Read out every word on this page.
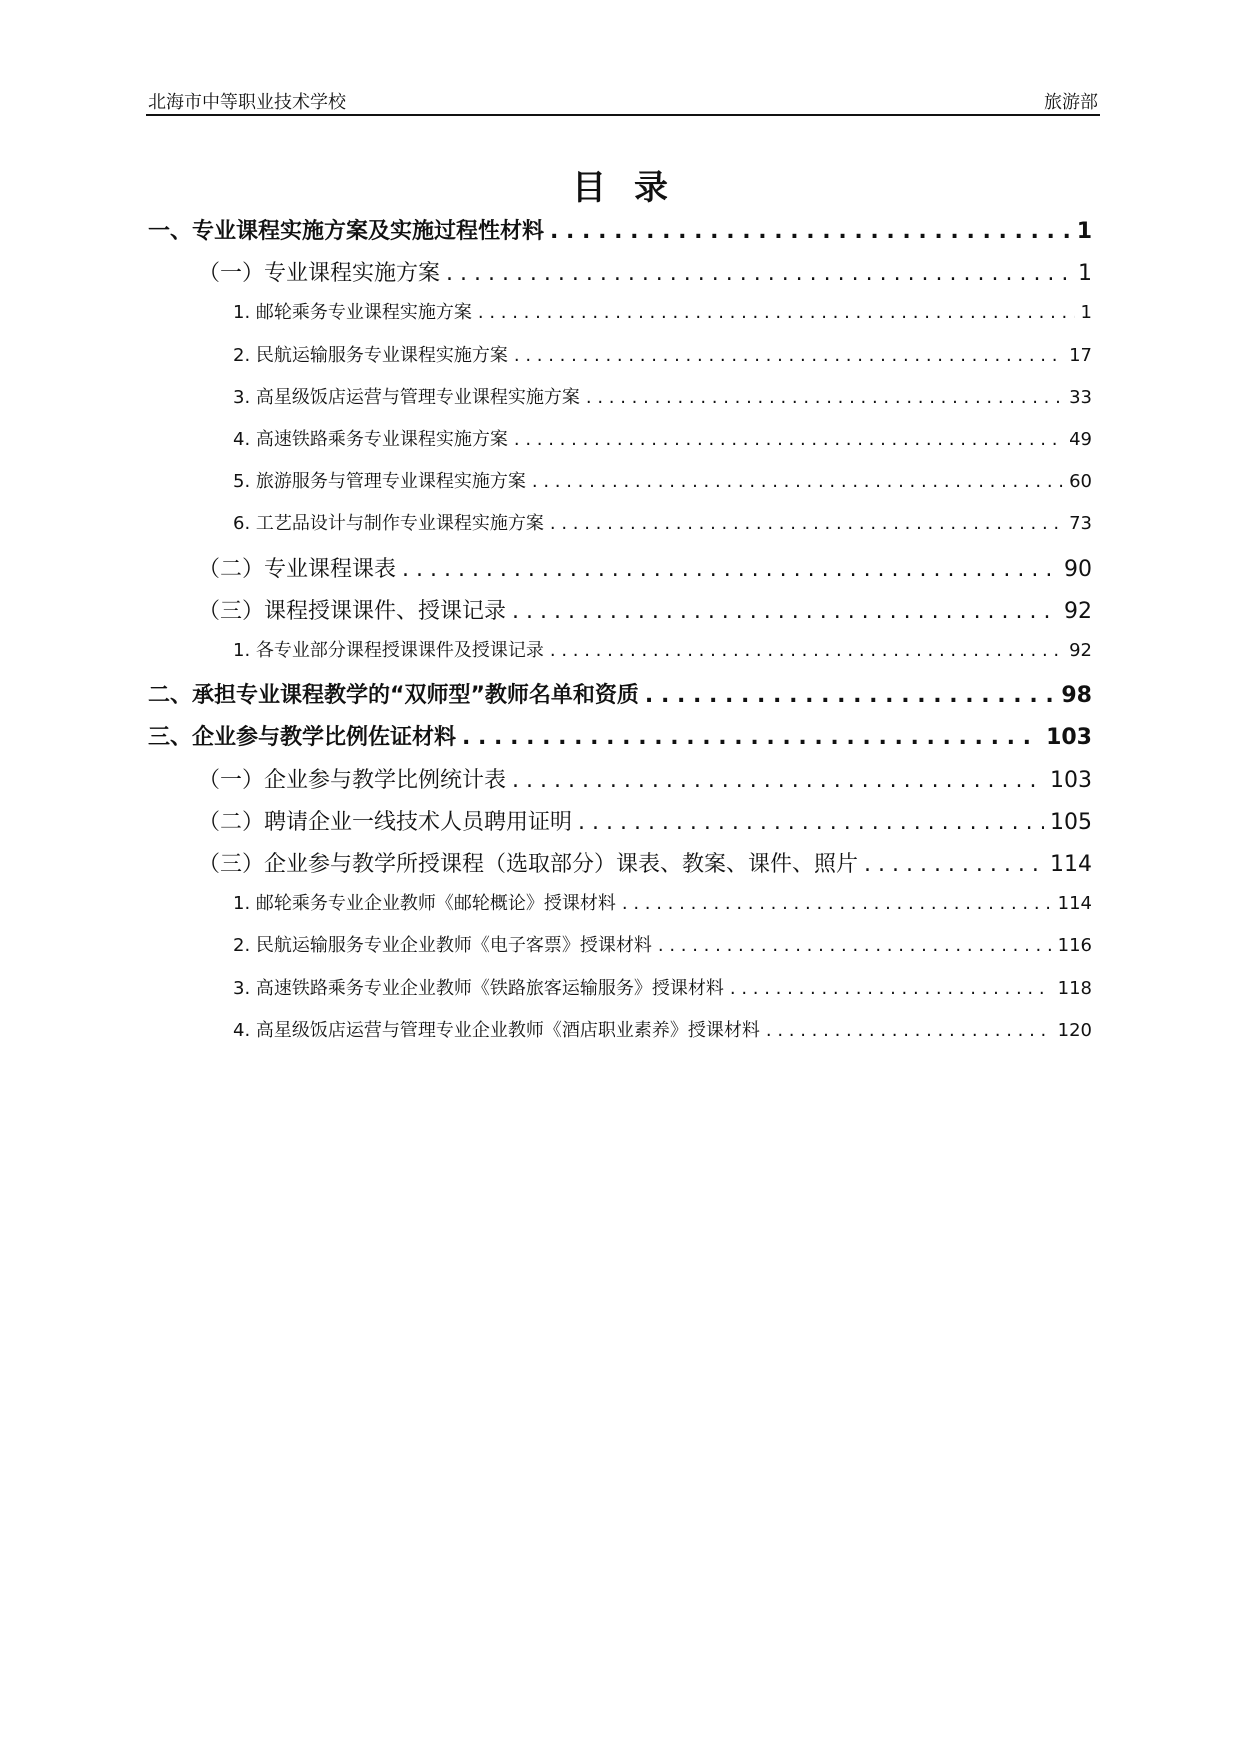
北海市中等职业技术学校	旅游部
目录
一、专业课程实施方案及实施过程性材料 . . .	1
（一）专业课程实施方案 . . .	1
1. 邮轮乘务专业课程实施方案 . . .	1
2. 民航运输服务专业课程实施方案 . . .	17
3. 高星级饭店运营与管理专业课程实施方案 . . .	33
4. 高速铁路乘务专业课程实施方案 . . .	49
5. 旅游服务与管理专业课程实施方案 . . .	60
6. 工艺品设计与制作专业课程实施方案 . . .	73
（二）专业课程课表 . . .	90
（三）课程授课课件、授课记录 . . .	92
1. 各专业部分课程授课课件及授课记录 . . .	92
二、承担专业课程教学的“双师型”教师名单和资质 . . .	98
三、企业参与教学比例佐证材料 . . .	103
（一）企业参与教学比例统计表 . . .	103
（二）聘请企业一线技术人员聘用证明 . . .	105
（三）企业参与教学所授课程（选取部分）课表、教案、课件、照片 . . .	114
1. 邮轮乘务专业企业教师《邮轮概论》授课材料 . . .	114
2. 民航运输服务专业企业教师《电子客票》授课材料 . . .	116
3. 高速铁路乘务专业企业教师《铁路旅客运输服务》授课材料 . . .	118
4. 高星级饭店运营与管理专业企业教师《酒店职业素养》授课材料 . . .	120
